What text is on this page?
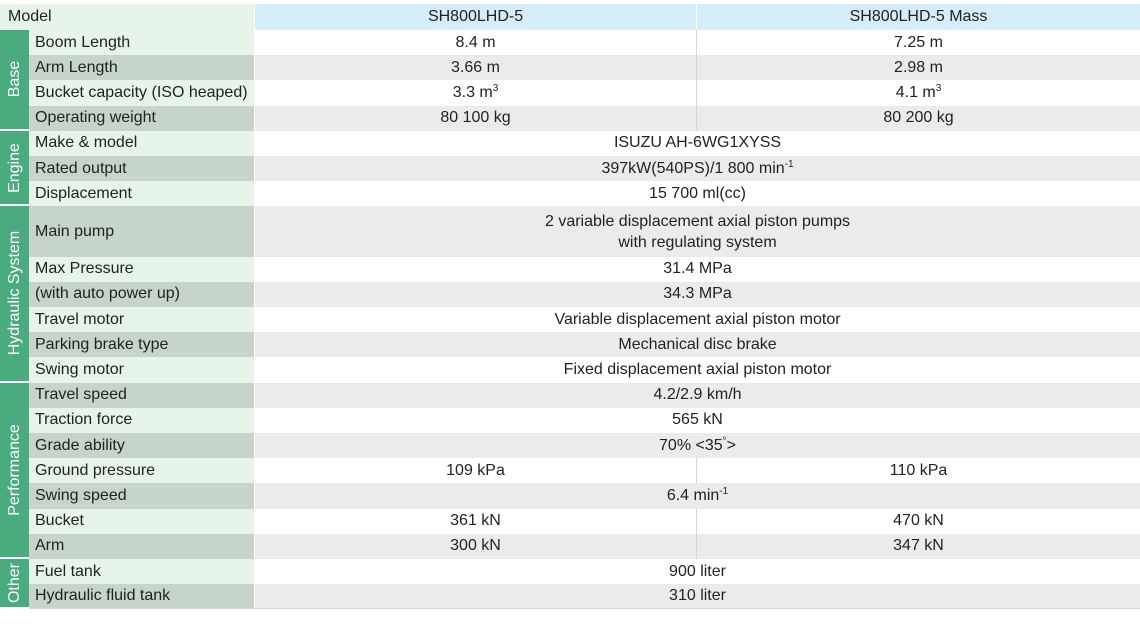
Model		SH800LHD-5	SH800LHD-5 Mass

Base	Boom Length	8.4 m	7.25 m
	Arm Length	3.66 m	2.98 m
	Bucket capacity (ISO heaped)	3.3 $m^3$	4.1 $m^3$
	Operating weight	80 100 kg	80 200 kg

Engine	Make & model	ISUZU AH-6WG1XYSS	
	Rated output	397kW(540PS)/1 800 $\min^{-1}$
	Displacement	15 700 ml(cc)	

Hydraulic System	Main pump	2 variable displacement axial piston pumps
with regulating system	

	Max Pressure	31.4 MPa	
	(with auto power up)	34.3 MPa	
	Travel motor	Variable displacement axial piston motor	
	Parking brake type	Mechanical disc brake	
	Swing motor	Fixed displacement axial piston motor	

Performance	Travel speed	4.2/2.9 km/h	
	Traction force	565 kN	
	Grade ability	70% <35°>	
	Ground pressure	109 kPa	110 kPa
	Swing speed	6.4 $\min^{-1}$
	Bucket	361 kN	470 kN
	Arm	300 kN	347 kN

Other	Fuel tank	900 liter	
	Hydraulic fluid tank	310 liter	
